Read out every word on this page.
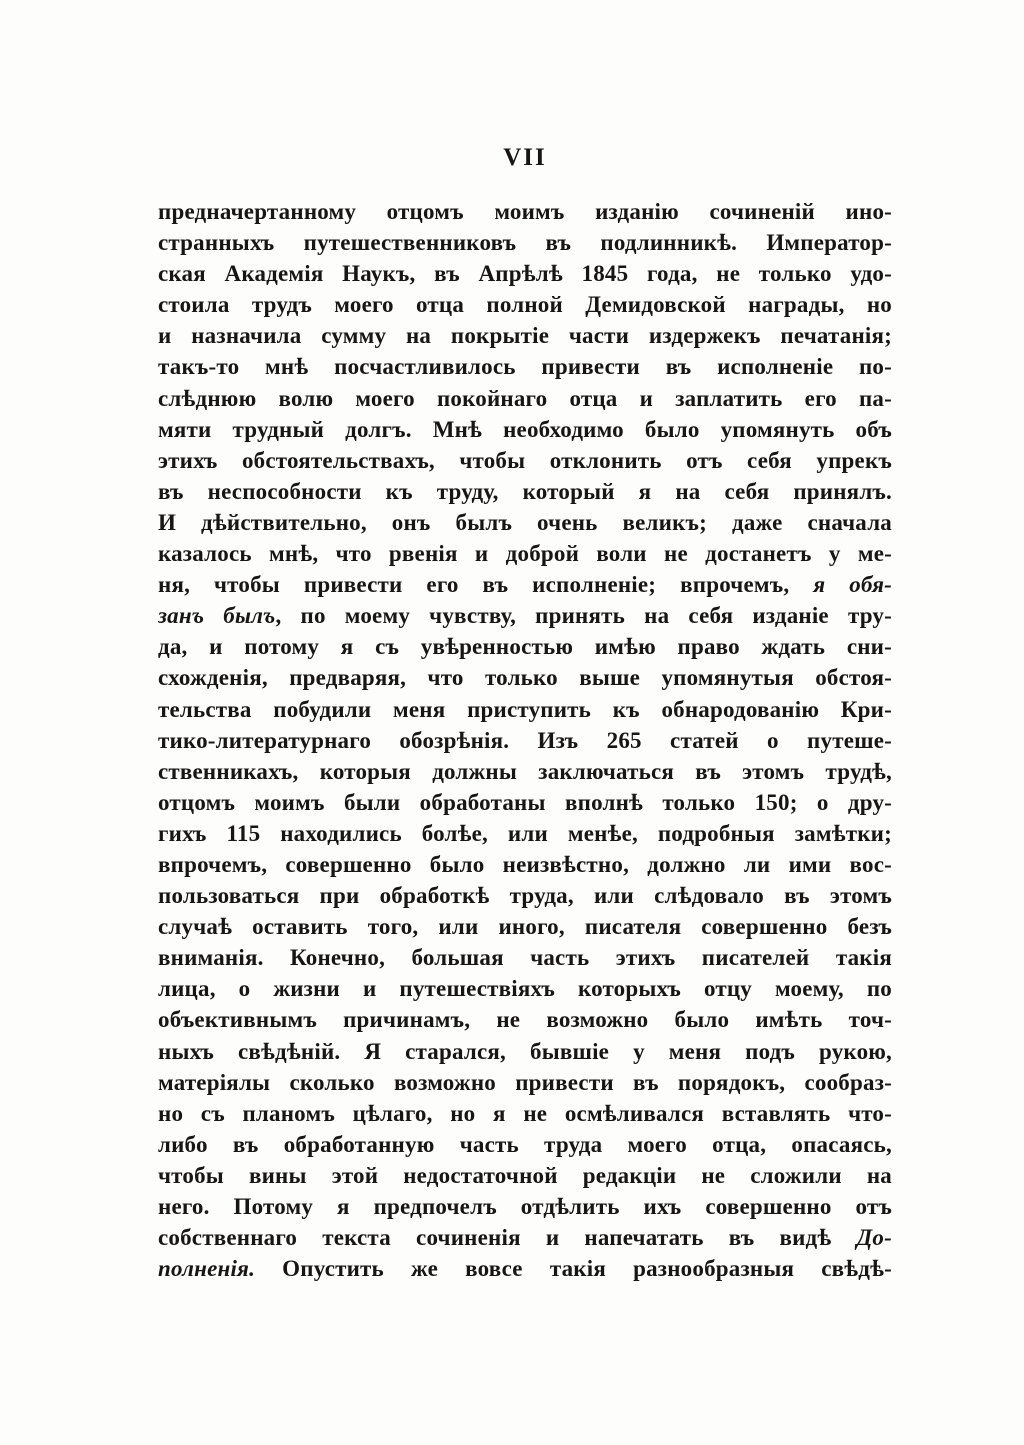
VII
предначертанному отцомъ моимъ изданію сочиненій ино-
странныхъ путешественниковъ въ подлинникѣ. Император-
ская Академія Наукъ, въ Апрѣлѣ 1845 года, не только удо-
стоила трудъ моего отца полной Демидовской награды, но
и назначила сумму на покрытіе части издержекъ печатанія;
такъ-то мнѣ посчастливилось привести въ исполненіе по-
слѣднюю волю моего покойнаго отца и заплатить его па-
мяти трудный долгъ. Мнѣ необходимо было упомянуть объ
этихъ обстоятельствахъ, чтобы отклонить отъ себя упрекъ
въ неспособности къ труду, который я на себя принялъ.
И дѣйствительно, онъ былъ очень великъ; даже сначала
казалось мнѣ, что рвенія и доброй воли не достанетъ у ме-
ня, чтобы привести его въ исполненіе; впрочемъ, я обя-
занъ былъ, по моему чувству, принять на себя изданіе тру-
да, и потому я съ увѣренностью имѣю право ждать сни-
схожденія, предваряя, что только выше упомянутыя обстоя-
тельства побудили меня приступить къ обнародованію Кри-
тико-литературнаго обозрѣнія. Изъ 265 статей о путеше-
ственникахъ, которыя должны заключаться въ этомъ трудѣ,
отцомъ моимъ были обработаны вполнѣ только 150; о дру-
гихъ 115 находились болѣе, или менѣе, подробныя замѣтки;
впрочемъ, совершенно было неизвѣстно, должно ли ими вос-
пользоваться при обработкѣ труда, или слѣдовало въ этомъ
случаѣ оставить того, или иного, писателя совершенно безъ
вниманія. Конечно, большая часть этихъ писателей такія
лица, о жизни и путешествіяхъ которыхъ отцу моему, по
объективнымъ причинамъ, не возможно было имѣть точ-
ныхъ свѣдѣній. Я старался, бывшіе у меня подъ рукою,
матеріялы сколько возможно привести въ порядокъ, сообраз-
но съ планомъ цѣлаго, но я не осмѣливался вставлять что-
либо въ обработанную часть труда моего отца, опасаясь,
чтобы вины этой недостаточной редакціи не сложили на
него. Потому я предпочелъ отдѣлить ихъ совершенно отъ
собственнаго текста сочиненія и напечатать въ видѣ До-
полненія. Опустить же вовсе такія разнообразныя свѣдѣ-
